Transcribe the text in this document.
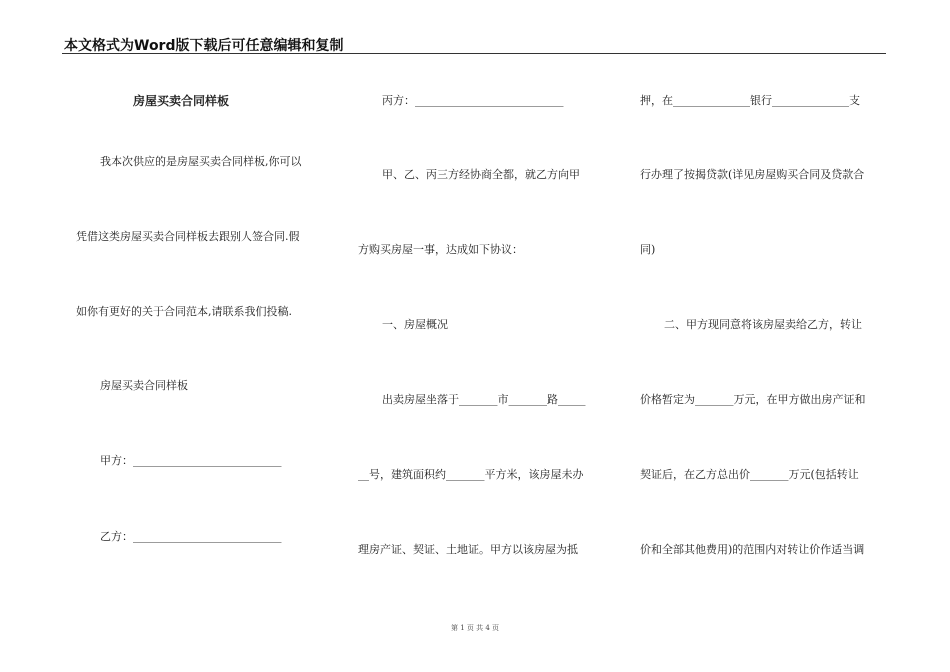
本文格式为Word版下载后可任意编辑和复制
房屋买卖合同样板
我本次供应的是房屋买卖合同样板,你可以
凭借这类房屋买卖合同样板去跟别人签合同.假
如你有更好的关于合同范本,请联系我们投稿.
房屋买卖合同样板
甲方：___________________________
乙方：___________________________
丙方：___________________________
甲、乙、丙三方经协商全都，就乙方向甲
方购买房屋一事，达成如下协议：
一、房屋概况
出卖房屋坐落于_______市_______路_____
__号，建筑面积约_______平方米，该房屋未办
理房产证、契证、土地证。甲方以该房屋为抵
押，在______________银行______________支
行办理了按揭贷款(详见房屋购买合同及贷款合
同)
二、甲方现同意将该房屋卖给乙方，转让
价格暂定为_______万元，在甲方做出房产证和
契证后，在乙方总出价_______万元(包括转让
价和全部其他费用)的范围内对转让价作适当调
第 1 页 共 4 页
